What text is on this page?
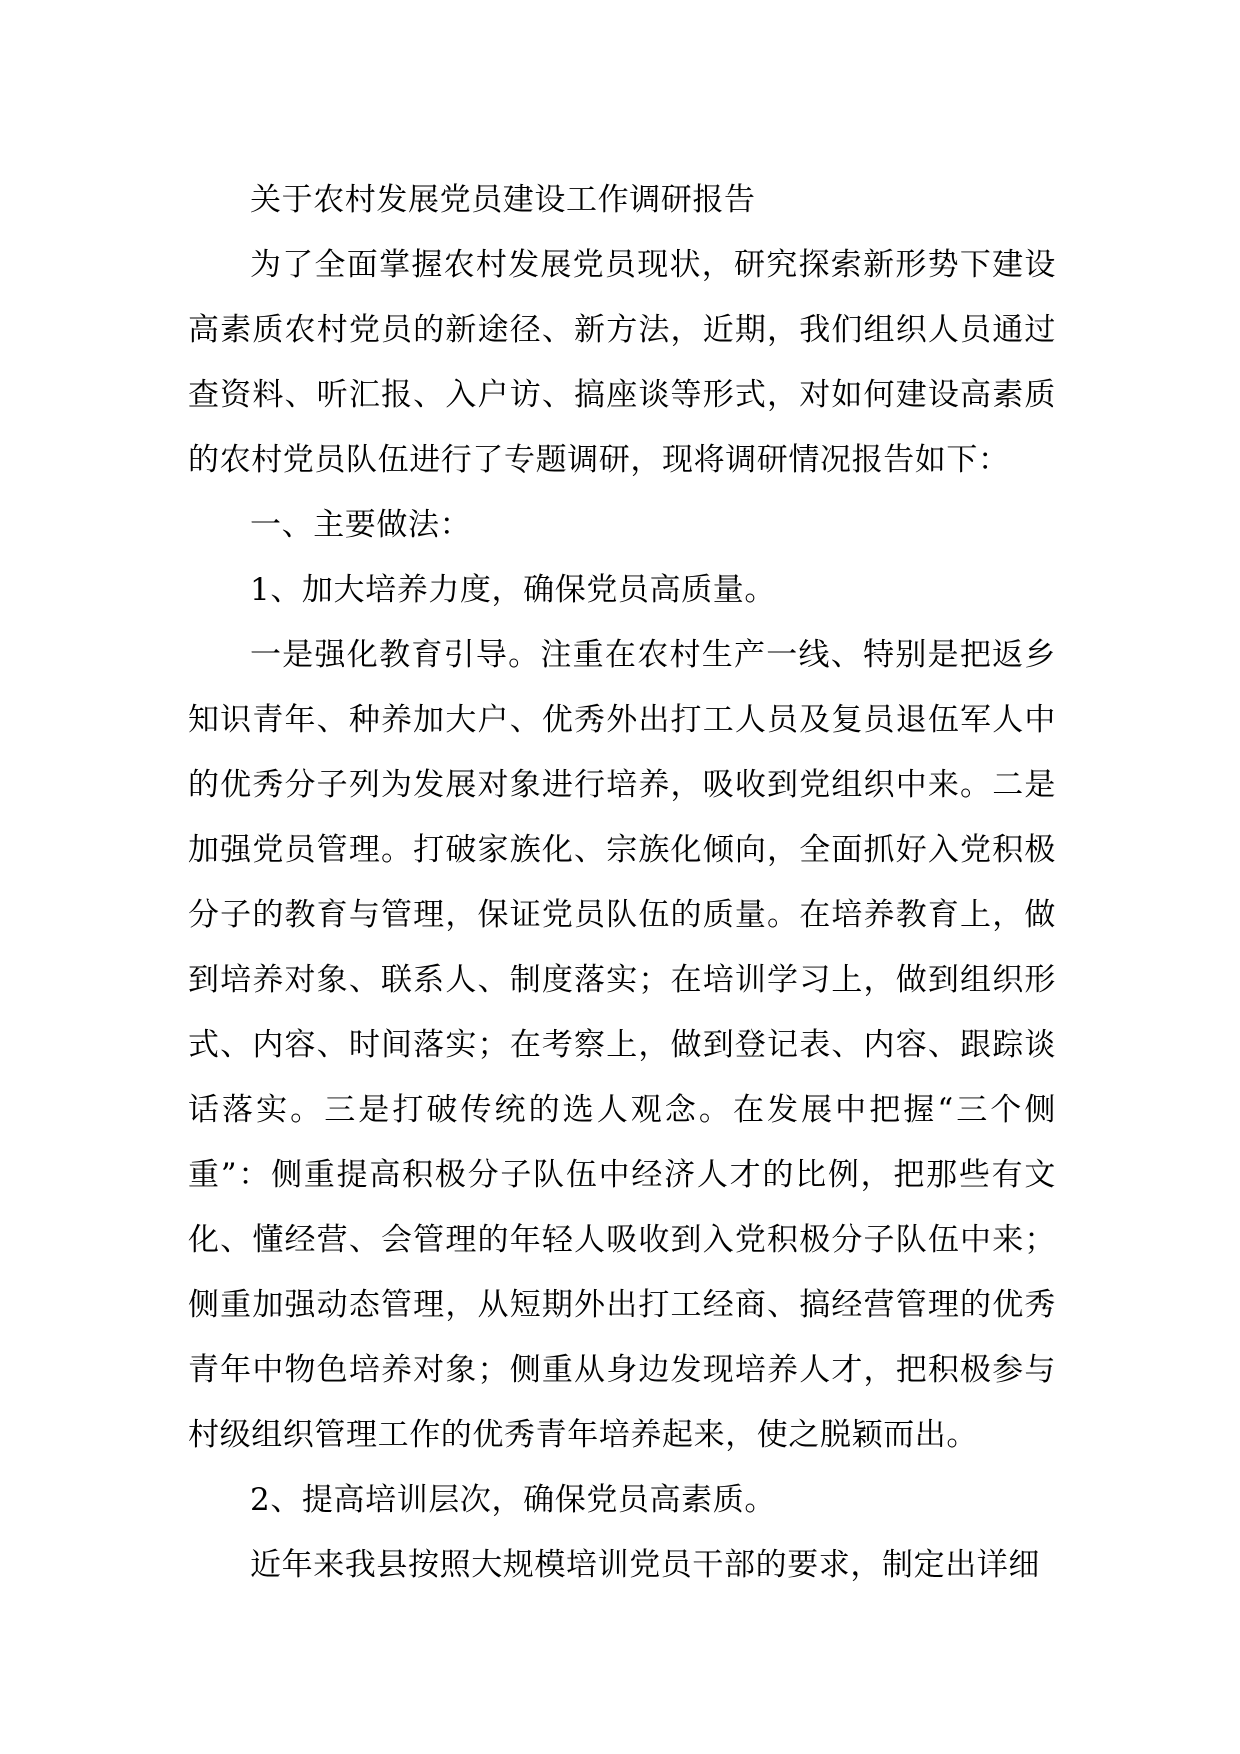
关于农村发展党员建设工作调研报告

为了全面掌握农村发展党员现状，研究探索新形势下建设高素质农村党员的新途径、新方法，近期，我们组织人员通过查资料、听汇报、入户访、搞座谈等形式，对如何建设高素质的农村党员队伍进行了专题调研，现将调研情况报告如下：

一、主要做法：

1、加大培养力度，确保党员高质量。

一是强化教育引导。注重在农村生产一线、特别是把返乡知识青年、种养加大户、优秀外出打工人员及复员退伍军人中的优秀分子列为发展对象进行培养，吸收到党组织中来。二是加强党员管理。打破家族化、宗族化倾向，全面抓好入党积极分子的教育与管理，保证党员队伍的质量。在培养教育上，做到培养对象、联系人、制度落实；在培训学习上，做到组织形式、内容、时间落实；在考察上，做到登记表、内容、跟踪谈话落实。三是打破传统的选人观念。在发展中把握“三个侧重”：侧重提高积极分子队伍中经济人才的比例，把那些有文化、懂经营、会管理的年轻人吸收到入党积极分子队伍中来；侧重加强动态管理，从短期外出打工经商、搞经营管理的优秀青年中物色培养对象；侧重从身边发现培养人才，把积极参与村级组织管理工作的优秀青年培养起来，使之脱颖而出。

2、提高培训层次，确保党员高素质。

近年来我县按照大规模培训党员干部的要求，制定出详细
